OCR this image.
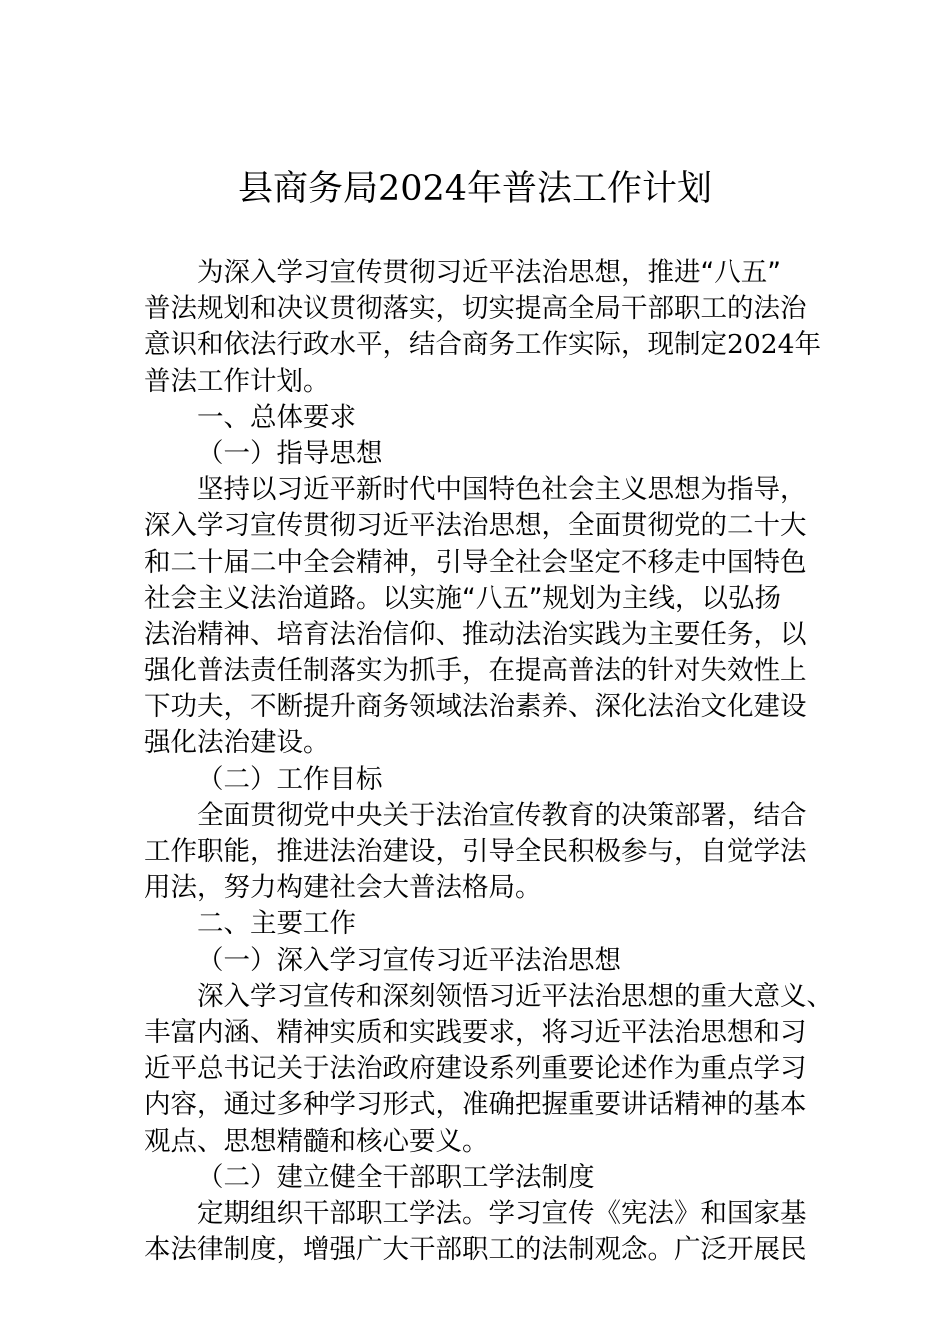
县商务局2024年普法工作计划
为深入学习宣传贯彻习近平法治思想，推进“八五”
普法规划和决议贯彻落实，切实提高全局干部职工的法治
意识和依法行政水平，结合商务工作实际，现制定2024年
普法工作计划。
一、总体要求
（一）指导思想
坚持以习近平新时代中国特色社会主义思想为指导，
深入学习宣传贯彻习近平法治思想，全面贯彻党的二十大
和二十届二中全会精神，引导全社会坚定不移走中国特色
社会主义法治道路。以实施“八五”规划为主线，以弘扬
法治精神、培育法治信仰、推动法治实践为主要任务，以
强化普法责任制落实为抓手，在提高普法的针对失效性上
下功夫，不断提升商务领域法治素养、深化法治文化建设
强化法治建设。
（二）工作目标
全面贯彻党中央关于法治宣传教育的决策部署，结合
工作职能，推进法治建设，引导全民积极参与，自觉学法
用法，努力构建社会大普法格局。
二、主要工作
（一）深入学习宣传习近平法治思想
深入学习宣传和深刻领悟习近平法治思想的重大意义、
丰富内涵、精神实质和实践要求，将习近平法治思想和习
近平总书记关于法治政府建设系列重要论述作为重点学习
内容，通过多种学习形式，准确把握重要讲话精神的基本
观点、思想精髓和核心要义。
（二）建立健全干部职工学法制度
定期组织干部职工学法。学习宣传《宪法》和国家基
本法律制度，增强广大干部职工的法制观念。广泛开展民
